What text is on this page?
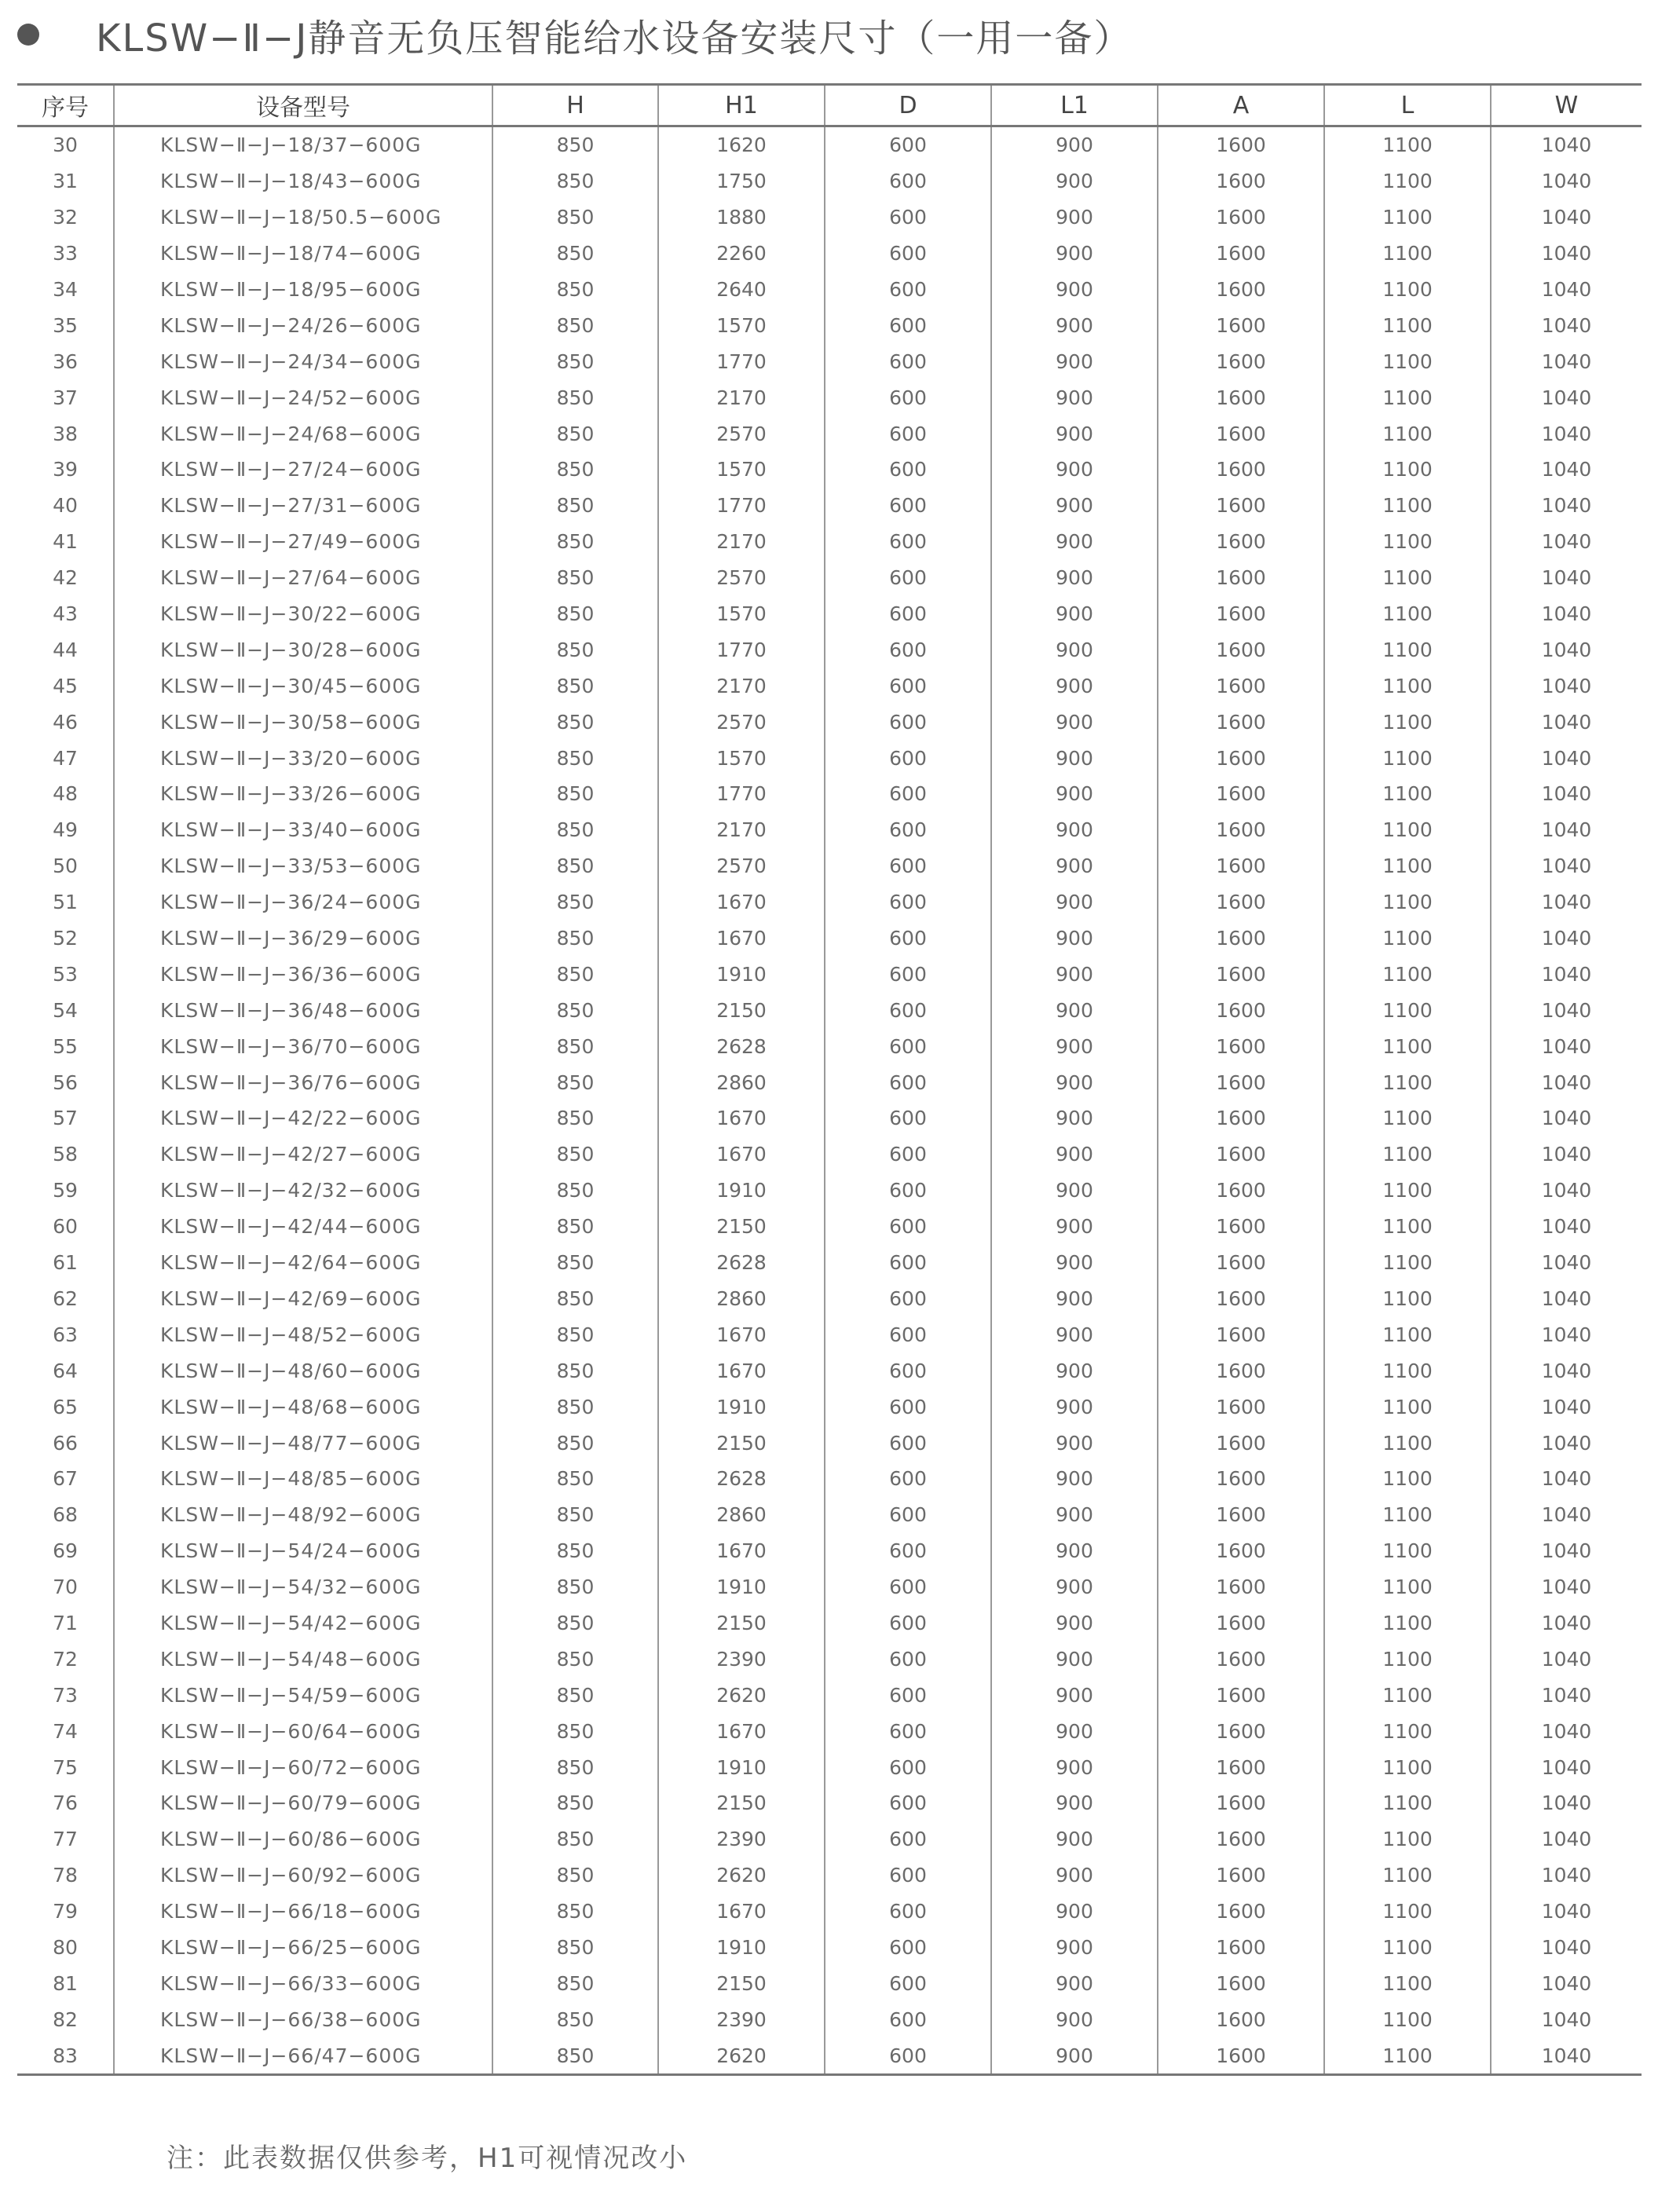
KLSW−Ⅱ−J静音无负压智能给水设备安装尺寸（一用一备）
序号	设备型号	H	H1	D	L1	A	L	W
30	KLSW−Ⅱ−J−18/37−600G	850	1620	600	900	1600	1100	1040
31	KLSW−Ⅱ−J−18/43−600G	850	1750	600	900	1600	1100	1040
32	KLSW−Ⅱ−J−18/50.5−600G	850	1880	600	900	1600	1100	1040
33	KLSW−Ⅱ−J−18/74−600G	850	2260	600	900	1600	1100	1040
34	KLSW−Ⅱ−J−18/95−600G	850	2640	600	900	1600	1100	1040
35	KLSW−Ⅱ−J−24/26−600G	850	1570	600	900	1600	1100	1040
36	KLSW−Ⅱ−J−24/34−600G	850	1770	600	900	1600	1100	1040
37	KLSW−Ⅱ−J−24/52−600G	850	2170	600	900	1600	1100	1040
38	KLSW−Ⅱ−J−24/68−600G	850	2570	600	900	1600	1100	1040
39	KLSW−Ⅱ−J−27/24−600G	850	1570	600	900	1600	1100	1040
40	KLSW−Ⅱ−J−27/31−600G	850	1770	600	900	1600	1100	1040
41	KLSW−Ⅱ−J−27/49−600G	850	2170	600	900	1600	1100	1040
42	KLSW−Ⅱ−J−27/64−600G	850	2570	600	900	1600	1100	1040
43	KLSW−Ⅱ−J−30/22−600G	850	1570	600	900	1600	1100	1040
44	KLSW−Ⅱ−J−30/28−600G	850	1770	600	900	1600	1100	1040
45	KLSW−Ⅱ−J−30/45−600G	850	2170	600	900	1600	1100	1040
46	KLSW−Ⅱ−J−30/58−600G	850	2570	600	900	1600	1100	1040
47	KLSW−Ⅱ−J−33/20−600G	850	1570	600	900	1600	1100	1040
48	KLSW−Ⅱ−J−33/26−600G	850	1770	600	900	1600	1100	1040
49	KLSW−Ⅱ−J−33/40−600G	850	2170	600	900	1600	1100	1040
50	KLSW−Ⅱ−J−33/53−600G	850	2570	600	900	1600	1100	1040
51	KLSW−Ⅱ−J−36/24−600G	850	1670	600	900	1600	1100	1040
52	KLSW−Ⅱ−J−36/29−600G	850	1670	600	900	1600	1100	1040
53	KLSW−Ⅱ−J−36/36−600G	850	1910	600	900	1600	1100	1040
54	KLSW−Ⅱ−J−36/48−600G	850	2150	600	900	1600	1100	1040
55	KLSW−Ⅱ−J−36/70−600G	850	2628	600	900	1600	1100	1040
56	KLSW−Ⅱ−J−36/76−600G	850	2860	600	900	1600	1100	1040
57	KLSW−Ⅱ−J−42/22−600G	850	1670	600	900	1600	1100	1040
58	KLSW−Ⅱ−J−42/27−600G	850	1670	600	900	1600	1100	1040
59	KLSW−Ⅱ−J−42/32−600G	850	1910	600	900	1600	1100	1040
60	KLSW−Ⅱ−J−42/44−600G	850	2150	600	900	1600	1100	1040
61	KLSW−Ⅱ−J−42/64−600G	850	2628	600	900	1600	1100	1040
62	KLSW−Ⅱ−J−42/69−600G	850	2860	600	900	1600	1100	1040
63	KLSW−Ⅱ−J−48/52−600G	850	1670	600	900	1600	1100	1040
64	KLSW−Ⅱ−J−48/60−600G	850	1670	600	900	1600	1100	1040
65	KLSW−Ⅱ−J−48/68−600G	850	1910	600	900	1600	1100	1040
66	KLSW−Ⅱ−J−48/77−600G	850	2150	600	900	1600	1100	1040
67	KLSW−Ⅱ−J−48/85−600G	850	2628	600	900	1600	1100	1040
68	KLSW−Ⅱ−J−48/92−600G	850	2860	600	900	1600	1100	1040
69	KLSW−Ⅱ−J−54/24−600G	850	1670	600	900	1600	1100	1040
70	KLSW−Ⅱ−J−54/32−600G	850	1910	600	900	1600	1100	1040
71	KLSW−Ⅱ−J−54/42−600G	850	2150	600	900	1600	1100	1040
72	KLSW−Ⅱ−J−54/48−600G	850	2390	600	900	1600	1100	1040
73	KLSW−Ⅱ−J−54/59−600G	850	2620	600	900	1600	1100	1040
74	KLSW−Ⅱ−J−60/64−600G	850	1670	600	900	1600	1100	1040
75	KLSW−Ⅱ−J−60/72−600G	850	1910	600	900	1600	1100	1040
76	KLSW−Ⅱ−J−60/79−600G	850	2150	600	900	1600	1100	1040
77	KLSW−Ⅱ−J−60/86−600G	850	2390	600	900	1600	1100	1040
78	KLSW−Ⅱ−J−60/92−600G	850	2620	600	900	1600	1100	1040
79	KLSW−Ⅱ−J−66/18−600G	850	1670	600	900	1600	1100	1040
80	KLSW−Ⅱ−J−66/25−600G	850	1910	600	900	1600	1100	1040
81	KLSW−Ⅱ−J−66/33−600G	850	2150	600	900	1600	1100	1040
82	KLSW−Ⅱ−J−66/38−600G	850	2390	600	900	1600	1100	1040
83	KLSW−Ⅱ−J−66/47−600G	850	2620	600	900	1600	1100	1040
注：此表数据仅供参考，H1可视情况改小
